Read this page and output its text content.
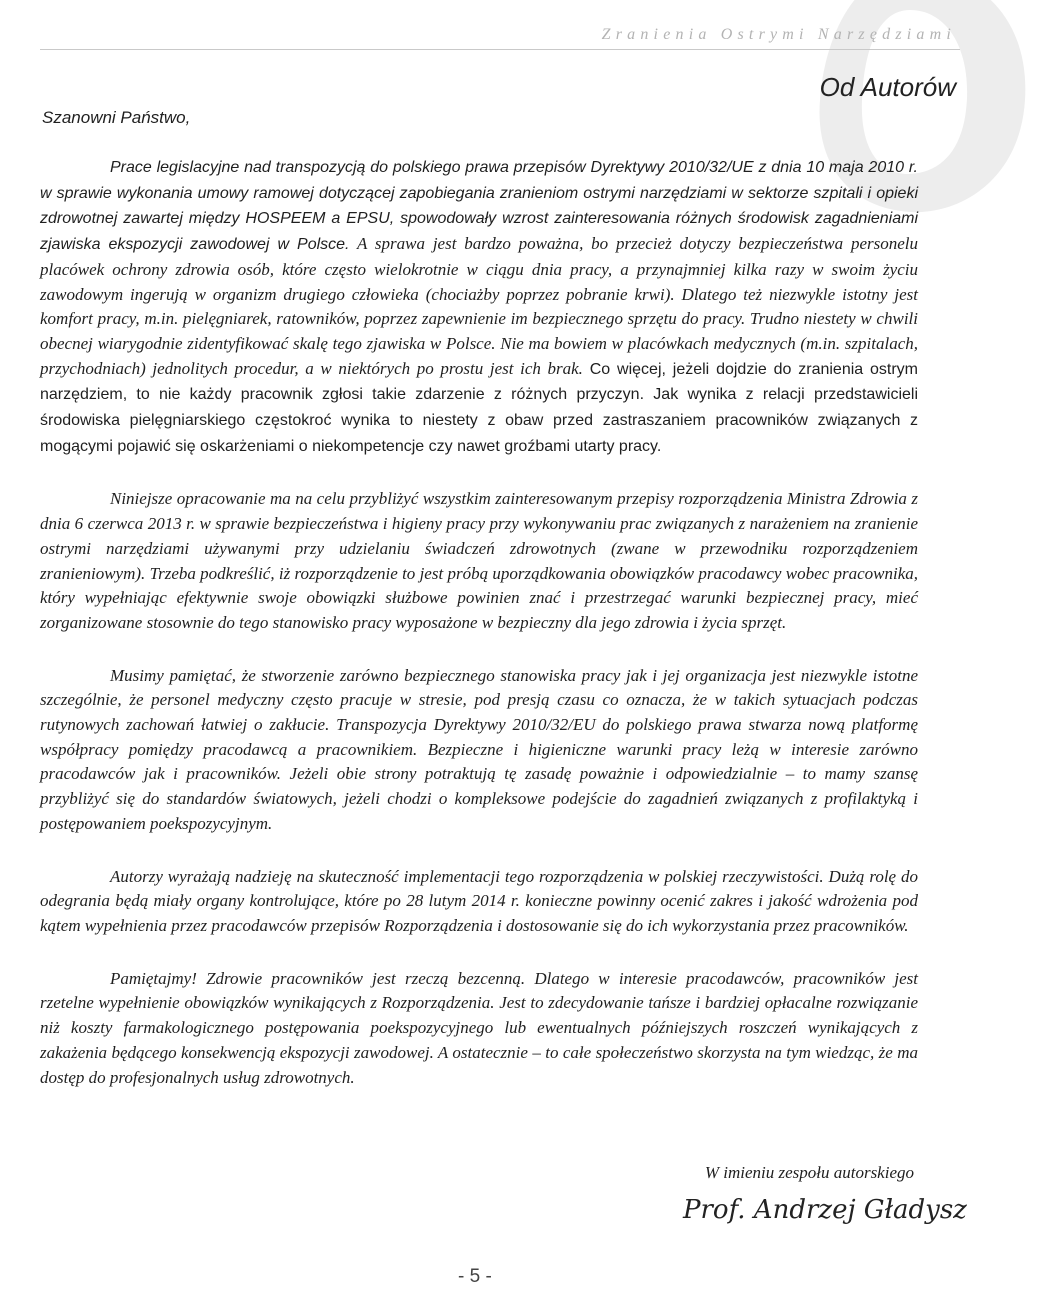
Zranienia Ostrymi Narzędziami
Od Autorów
Szanowni Państwo,

Prace legislacyjne nad transpozycją do polskiego prawa przepisów Dyrektywy 2010/32/UE z dnia 10 maja 2010 r. w sprawie wykonania umowy ramowej dotyczącej zapobiegania zranieniom ostrymi narzędziami w sektorze szpitali i opieki zdrowotnej zawartej między HOSPEEM a EPSU, spowodowały wzrost zainteresowania różnych środowisk zagadnieniami zjawiska ekspozycji zawodowej w Polsce. A sprawa jest bardzo poważna, bo przecież dotyczy bezpieczeństwa personelu placówek ochrony zdrowia osób, które często wielokrotnie w ciągu dnia pracy, a przynajmniej kilka razy w swoim życiu zawodowym ingerują w organizm drugiego człowieka (chociażby poprzez pobranie krwi). Dlatego też niezwykle istotny jest komfort pracy, m.in. pielęgniarek, ratowników, poprzez zapewnienie im bezpiecznego sprzętu do pracy. Trudno niestety w chwili obecnej wiarygodnie zidentyfikować skalę tego zjawiska w Polsce. Nie ma bowiem w placówkach medycznych (m.in. szpitalach, przychodniach) jednolitych procedur, a w niektórych po prostu jest ich brak. Co więcej, jeżeli dojdzie do zranienia ostrym narzędziem, to nie każdy pracownik zgłosi takie zdarzenie z różnych przyczyn. Jak wynika z relacji przedstawicieli środowiska pielęgniarskiego częstokroć wynika to niestety z obaw przed zastraszaniem pracowników związanych z mogącymi pojawić się oskarżeniami o niekompetencje czy nawet groźbami utarty pracy.

Niniejsze opracowanie ma na celu przybliżyć wszystkim zainteresowanym przepisy rozporządzenia Ministra Zdrowia z dnia 6 czerwca 2013 r. w sprawie bezpieczeństwa i higieny pracy przy wykonywaniu prac związanych z narażeniem na zranienie ostrymi narzędziami używanymi przy udzielaniu świadczeń zdrowotnych (zwane w przewodniku rozporządzeniem zranieniowym). Trzeba podkreślić, iż rozporządzenie to jest próbą uporządkowania obowiązków pracodawcy wobec pracownika, który wypełniając efektywnie swoje obowiązki służbowe powinien znać i przestrzegać warunki bezpiecznej pracy, mieć zorganizowane stosownie do tego stanowisko pracy wyposażone w bezpieczny dla jego zdrowia i życia sprzęt.

Musimy pamiętać, że stworzenie zarówno bezpiecznego stanowiska pracy jak i jej organizacja jest niezwykle istotne szczególnie, że personel medyczny często pracuje w stresie, pod presją czasu co oznacza, że w takich sytuacjach podczas rutynowych zachowań łatwiej o zakłucie. Transpozycja Dyrektywy 2010/32/EU do polskiego prawa stwarza nową platformę współpracy pomiędzy pracodawcą a pracownikiem. Bezpieczne i higieniczne warunki pracy leżą w interesie zarówno pracodawców jak i pracowników. Jeżeli obie strony potraktują tę zasadę poważnie i odpowiedzialnie – to mamy szansę przybliżyć się do standardów światowych, jeżeli chodzi o kompleksowe podejście do zagadnień związanych z profilaktyką i postępowaniem poekspozycyjnym.

Autorzy wyrażają nadzieję na skuteczność implementacji tego rozporządzenia w polskiej rzeczywistości. Dużą rolę do odegrania będą miały organy kontrolujące, które po 28 lutym 2014 r. konieczne powinny ocenić zakres i jakość wdrożenia pod kątem wypełnienia przez pracodawców przepisów Rozporządzenia i dostosowanie się do ich wykorzystania przez pracowników.

Pamiętajmy! Zdrowie pracowników jest rzeczą bezcenną. Dlatego w interesie pracodawców, pracowników jest rzetelne wypełnienie obowiązków wynikających z Rozporządzenia. Jest to zdecydowanie tańsze i bardziej opłacalne rozwiązanie niż koszty farmakologicznego postępowania poekspozycyjnego lub ewentualnych późniejszych roszczeń wynikających z zakażenia będącego konsekwencją ekspozycji zawodowej. A ostatecznie – to całe społeczeństwo skorzysta na tym wiedząc, że ma dostęp do profesjonalnych usług zdrowotnych.

W imieniu zespołu autorskiego
Prof. Andrzej Gładysz
- 5 -
